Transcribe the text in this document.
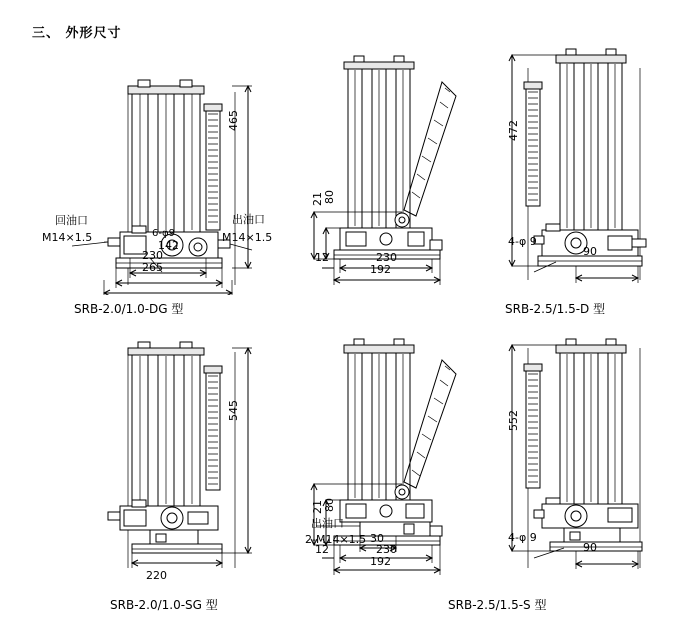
三、 外形尺寸
回油口
M14×1.5
出油口
M14×1.5
6-φ9
142
230
265
465
SRB-2.0/1.0-DG 型
21 80
230
192
12
472
90
4-φ 9
SRB-2.5/1.5-D 型
545
220
SRB-2.0/1.0-SG 型
21 80
出油口
2-M14×1.5 30
230
192
12
552
90
4-φ 9
SRB-2.5/1.5-S 型
